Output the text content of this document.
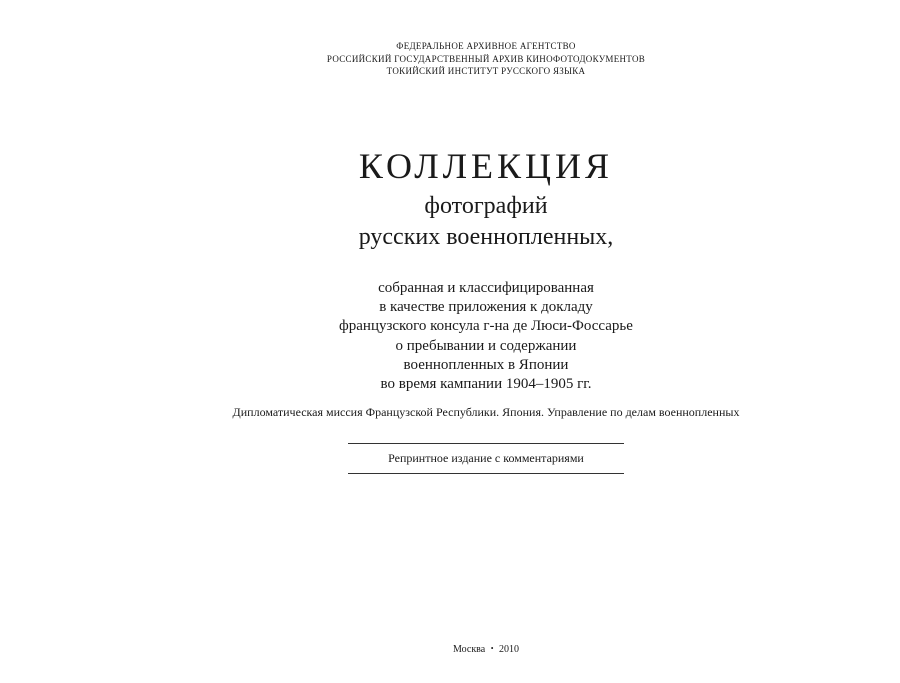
ФЕДЕРАЛЬНОЕ АРХИВНОЕ АГЕНТСТВО
РОССИЙСКИЙ ГОСУДАРСТВЕННЫЙ АРХИВ КИНОФОТОДОКУМЕНТОВ
ТОКИЙСКИЙ ИНСТИТУТ РУССКОГО ЯЗЫКА
КОЛЛЕКЦИЯ
фотографий
русских военнопленных,
собранная и классифицированная
в качестве приложения к докладу
французского консула г-на де Люси-Фоссарье
о пребывании и содержании
военнопленных в Японии
во время кампании 1904–1905 гг.
Дипломатическая миссия Французской Республики. Япония. Управление по делам военнопленных
Репринтное издание с комментариями
Москва • 2010
